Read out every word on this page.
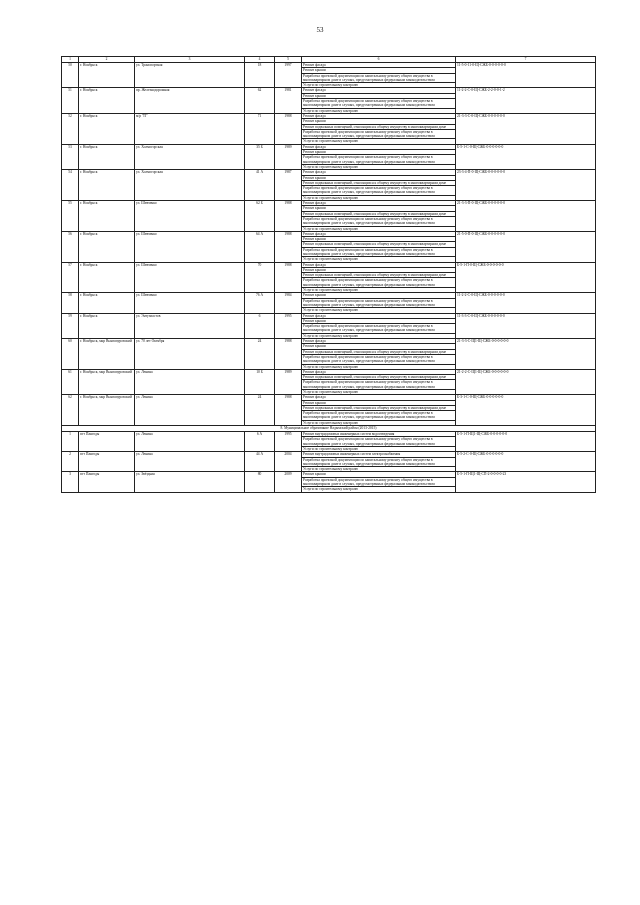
53
1	2	3	4	5	6	7
50	г. Ноябрьск	ул. Транспортная	18	1997	Ремонт фасада	11-5-0-11-0-Щ-СЖБ-0-0-0-0-0-0
					Ремонт крыши	
					Разработка проектной документации по капитальному ремонту общего имущества в многоквартирном доме в случаях, предусмотренных федеральным законодательством	
					Услуги по строительному контролю	
51	г. Ноябрьск	пр. Железнодорожная	62	1981	Ремонт фасада	11-2-2-С-0-Щ-СЖБ-2-2-0-0-1-2
					Ремонт крыши	
					Разработка проектной документации по капитальному ремонту общего имущества в многоквартирном доме в случаях, предусмотренных федеральным законодательством	
					Услуги по строительному контролю	
52	г. Ноябрьск	м/р "П"	71	1988	Ремонт фасада	21-3-3-С-0-Щ-СЖБ-0-0-0-0-0-0
					Ремонт крыши	
					Ремонт подвальных помещений, относящихся к общему имуществу в многоквартирном доме	
					Разработка проектной документации по капитальному ремонту общего имущества в многоквартирном доме в случаях, предусмотренных федеральным законодательством	
					Услуги по строительному контролю	
53	г. Ноябрьск	ул. Холмогорская	35 Б	1989	Ремонт фасада	Б-5-1-С-0-Щ-СЖБ-0-0-0-0-0-0
					Ремонт крыши	
					Разработка проектной документации по капитальному ремонту общего имущества в многоквартирном доме в случаях, предусмотренных федеральным законодательством	
					Услуги по строительному контролю	
54	г. Ноябрьск	ул. Холмогорская	41 А	1987	Ремонт фасада	23-3-4-П-0-Щ-СЖБ-0-0-0-0-0-0
					Ремонт крыши	
					Ремонт подвальных помещений, относящихся к общему имуществу в многоквартирном доме	
					Разработка проектной документации по капитальному ремонту общего имущества в многоквартирном доме в случаях, предусмотренных федеральным законодательством	
					Услуги по строительному контролю	
55	г. Ноябрьск	ул. Шевченко	62 Б	1988	Ремонт фасада	21-3-3-П-0-Щ-СЖБ-0-0-0-0-0-0
					Ремонт крыши	
					Ремонт подвальных помещений, относящихся к общему имуществу в многоквартирном доме	
					Разработка проектной документации по капитальному ремонту общего имущества в многоквартирном доме в случаях, предусмотренных федеральным законодательством	
					Услуги по строительному контролю	
56	г. Ноябрьск	ул. Шевченко	64 А	1988	Ремонт фасада	21-5-0-П-0-Щ-СЖБ-0-0-0-0-0-0
					Ремонт крыши	
					Ремонт подвальных помещений, относящихся к общему имуществу в многоквартирном доме	
					Разработка проектной документации по капитальному ремонту общего имущества в многоквартирном доме в случаях, предусмотренных федеральным законодательством	
					Услуги по строительному контролю	
57	г. Ноябрьск	ул. Шевченко	70	1988	Ремонт фасада	Б-5-1-П-0-Щ-СЖБ-0-0-0-0-0-0
					Ремонт крыши	
					Ремонт подвальных помещений, относящихся к общему имуществу в многоквартирном доме	
					Разработка проектной документации по капитальному ремонту общего имущества в многоквартирном доме в случаях, предусмотренных федеральным законодательством	
					Услуги по строительному контролю	
58	г. Ноябрьск	ул. Шевченко	76 А	1984	Ремонт крыши	11-2-2-С-0-Щ-СЖБ-0-0-0-0-0-0
					Разработка проектной документации по капитальному ремонту общего имущества в многоквартирном доме в случаях, предусмотренных федеральным законодательством	
					Услуги по строительному контролю	
59	г. Ноябрьск	ул. Энтузиастов	6	1995	Ремонт фасада	11-3-3-С-0-Щ-СЖБ-0-0-0-0-0-0
					Ремонт крыши	
					Разработка проектной документации по капитальному ремонту общего имущества в многоквартирном доме в случаях, предусмотренных федеральным законодательством	
					Услуги по строительному контролю	
60	г. Ноябрьск, мкр Вынгапуровский	ул. 70 лет Октября	24	1988	Ремонт фасада	21-3-3-С-Щ1-Щ-СЖБ-0-0-0-0-0-0
					Ремонт крыши	
					Ремонт подвальных помещений, относящихся к общему имуществу в многоквартирном доме	
					Разработка проектной документации по капитальному ремонту общего имущества в многоквартирном доме в случаях, предусмотренных федеральным законодательством	
					Услуги по строительному контролю	
61	г. Ноябрьск, мкр Вынгапуровский	ул. Ленина	10 Б	1989	Ремонт фасада	21-2-2-С-Щ1-Щ-СЖБ-0-0-0-0-0-0
					Ремонт подвальных помещений, относящихся к общему имуществу в многоквартирном доме	
					Разработка проектной документации по капитальному ремонту общего имущества в многоквартирном доме в случаях, предусмотренных федеральным законодательством	
					Услуги по строительному контролю	
62	г. Ноябрьск, мкр Вынгапуровский	ул. Ленина	24	1988	Ремонт фасада	Б-3-1-С-0-Щ-СЖБ-0-0-0-0-0-0
					Ремонт крыши	
					Ремонт подвальных помещений, относящихся к общему имуществу в многоквартирном доме	
					Разработка проектной документации по капитальному ремонту общего имущества в многоквартирном доме в случаях, предусмотренных федеральным законодательством	
					Услуги по строительному контролю	
8. Муниципальное образование Надымский район (2013-2015)						
1	пгт Пангоды	ул. Ленина	6 А	1995	Ремонт внутридомовых инженерных систем водоотведения	Б-5-1-П-Щ1-Щ-СЖБ-0-0-0-0-0-0
					Разработка проектной документации по капитальному ремонту общего имущества в многоквартирном доме в случаях, предусмотренных федеральным законодательством	
					Услуги по строительному контролю	
2	пгт Пангоды	ул. Ленина	44 А	2004	Ремонт внутридомовых инженерных систем электроснабжения	Б-5-2-С-0-Щ-СЖБ-0-0-0-0-0-0
					Разработка проектной документации по капитальному ремонту общего имущества в многоквартирном доме в случаях, предусмотренных федеральным законодательством	
					Услуги по строительному контролю	
3	пгт Пангоды	ул. Звёздная	80	2009	Ремонт крыши	Б-5-1-П-Щ1-Щ-СП-2-0-0-0-0-23
					Разработка проектной документации по капитальному ремонту общего имущества в многоквартирном доме в случаях, предусмотренных федеральным законодательством	
					Услуги по строительному контролю	
